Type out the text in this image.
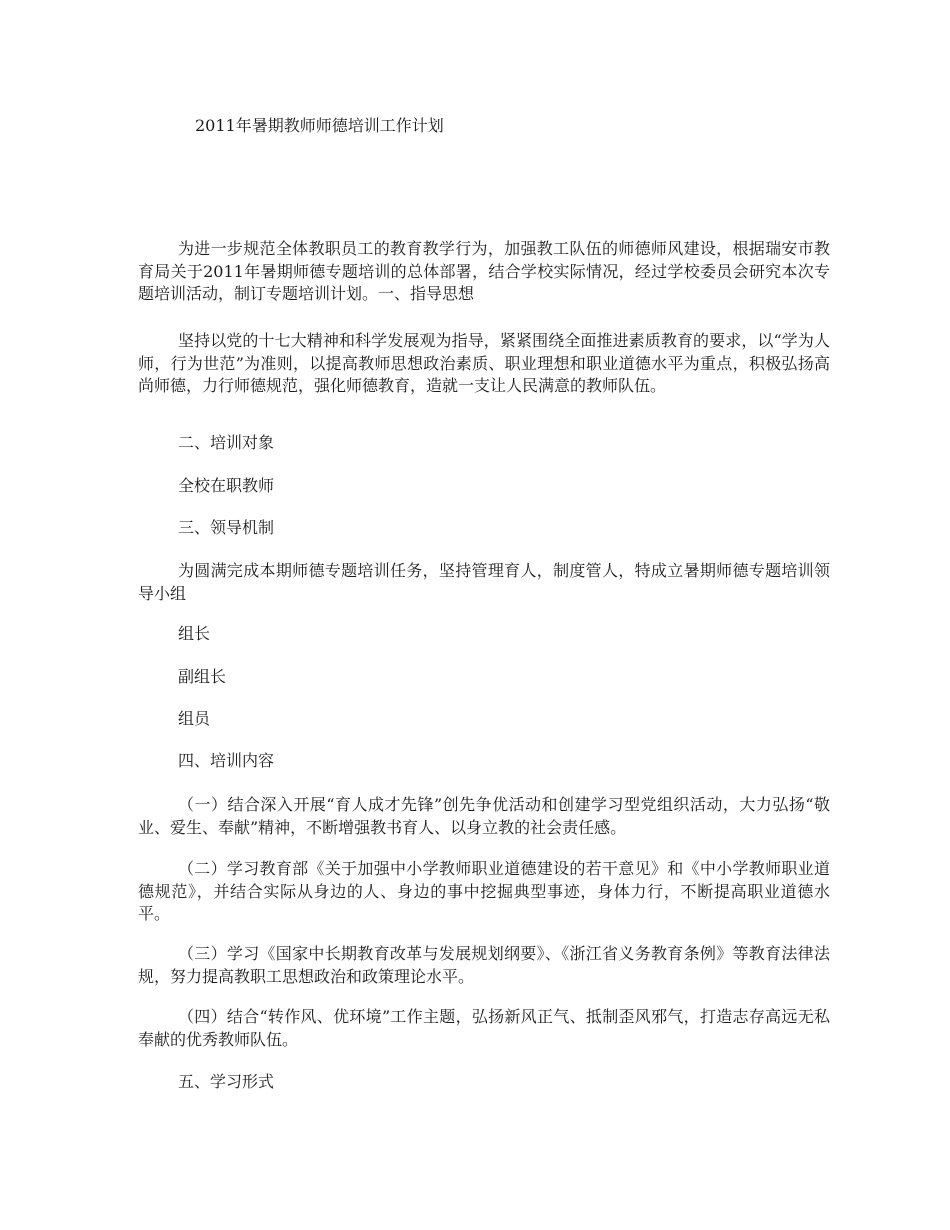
2011年暑期教师师德培训工作计划

为进一步规范全体教职员工的教育教学行为，加强教工队伍的师德师风建设，根据瑞安市教育局关于2011年暑期师德专题培训的总体部署，结合学校实际情况，经过学校委员会研究本次专题培训活动，制订专题培训计划。一、指导思想

坚持以党的十七大精神和科学发展观为指导，紧紧围绕全面推进素质教育的要求，以“学为人师，行为世范”为准则，以提高教师思想政治素质、职业理想和职业道德水平为重点，积极弘扬高尚师德，力行师德规范，强化师德教育，造就一支让人民满意的教师队伍。

二、培训对象

全校在职教师

三、领导机制

为圆满完成本期师德专题培训任务，坚持管理育人，制度管人，特成立暑期师德专题培训领导小组

组长

副组长

组员

四、培训内容

（一）结合深入开展“育人成才先锋”创先争优活动和创建学习型党组织活动，大力弘扬“敬业、爱生、奉献”精神，不断增强教书育人、以身立教的社会责任感。

（二）学习教育部《关于加强中小学教师职业道德建设的若干意见》和《中小学教师职业道德规范》，并结合实际从身边的人、身边的事中挖掘典型事迹，身体力行，不断提高职业道德水平。

（三）学习《国家中长期教育改革与发展规划纲要》、《浙江省义务教育条例》等教育法律法规，努力提高教职工思想政治和政策理论水平。

（四）结合“转作风、优环境”工作主题，弘扬新风正气、抵制歪风邪气，打造志存高远无私奉献的优秀教师队伍。

五、学习形式
